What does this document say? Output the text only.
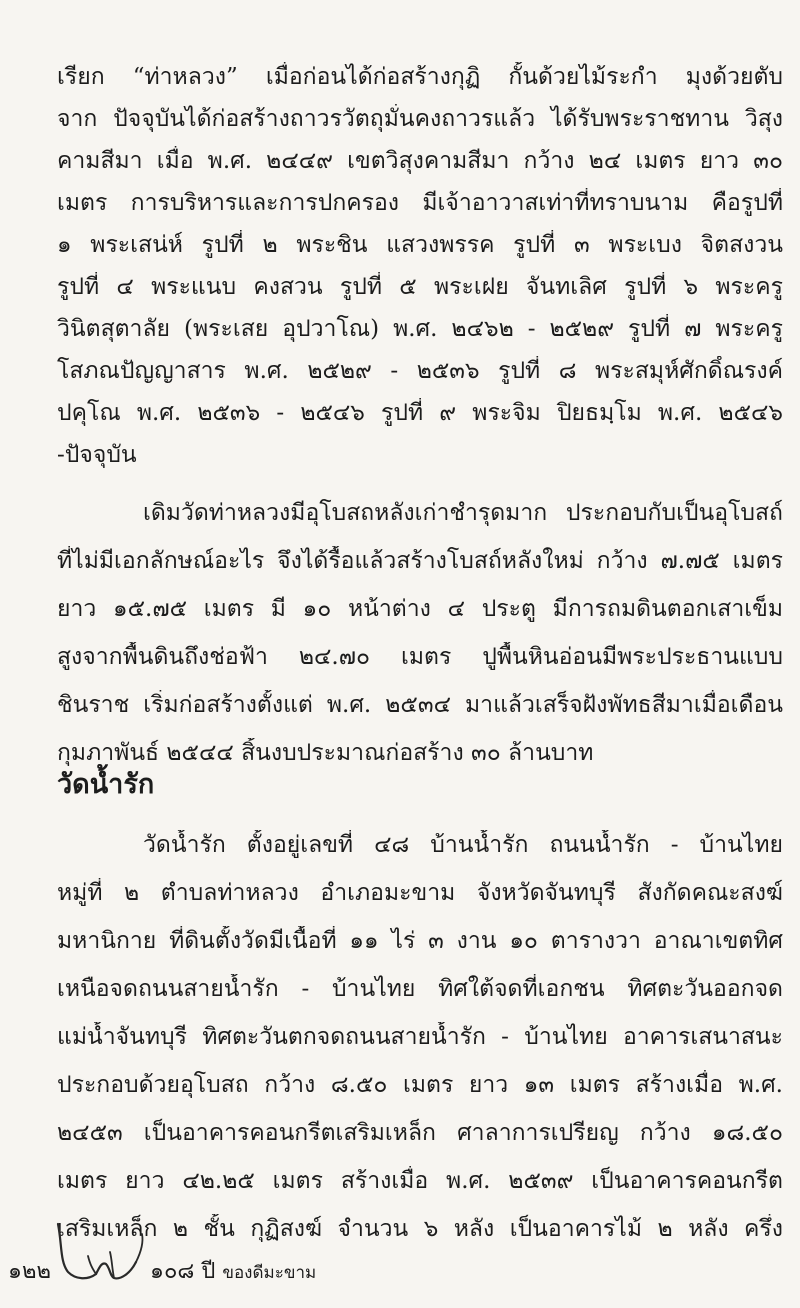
เรียก “ท่าหลวง” เมื่อก่อนได้ก่อสร้างกุฏิ กั้นด้วยไม้ระกำ มุงด้วยตับ
จาก ปัจจุบันได้ก่อสร้างถาวรวัตถุมั่นคงถาวรแล้ว ได้รับพระราชทาน วิสุง
คามสีมา เมื่อ พ.ศ. ๒๔๔๙ เขตวิสุงคามสีมา กว้าง ๒๔ เมตร ยาว ๓๐
เมตร การบริหารและการปกครอง มีเจ้าอาวาสเท่าที่ทราบนาม คือรูปที่
๑ พระเสน่ห์ รูปที่ ๒ พระชิน แสวงพรรค รูปที่ ๓ พระเบง จิตสงวน
รูปที่ ๔ พระแนบ คงสวน รูปที่ ๕ พระเฝย จันทเลิศ รูปที่ ๖ พระครู
วินิตสุตาลัย (พระเสย อุปวาโณ) พ.ศ. ๒๔๖๒ - ๒๕๒๙ รูปที่ ๗ พระครู
โสภณปัญญาสาร พ.ศ. ๒๕๒๙ - ๒๕๓๖ รูปที่ ๘ พระสมุห์ศักดิ์ณรงค์
ปคุโณ พ.ศ. ๒๕๓๖ - ๒๕๔๖ รูปที่ ๙ พระจิม ปิยธมฺโม พ.ศ. ๒๕๔๖
-ปัจจุบัน
เดิมวัดท่าหลวงมีอุโบสถหลังเก่าชำรุดมาก ประกอบกับเป็นอุโบสถ์
ที่ไม่มีเอกลักษณ์อะไร จึงได้รื้อแล้วสร้างโบสถ์หลังใหม่ กว้าง ๗.๗๕ เมตร
ยาว ๑๕.๗๕ เมตร มี ๑๐ หน้าต่าง ๔ ประตู มีการถมดินตอกเสาเข็ม
สูงจากพื้นดินถึงช่อฟ้า ๒๔.๗๐ เมตร ปูพื้นหินอ่อนมีพระประธานแบบ
ชินราช เริ่มก่อสร้างตั้งแต่ พ.ศ. ๒๕๓๔ มาแล้วเสร็จฝังพัทธสีมาเมื่อเดือน
วัดน้ำรัก
วัดน้ำรัก ตั้งอยู่เลขที่ ๔๘ บ้านน้ำรัก ถนนน้ำรัก - บ้านไทย
หมู่ที่ ๒ ตำบลท่าหลวง อำเภอมะขาม จังหวัดจันทบุรี สังกัดคณะสงฆ์
มหานิกาย ที่ดินตั้งวัดมีเนื้อที่ ๑๑ ไร่ ๓ งาน ๑๐ ตารางวา อาณาเขตทิศ
เหนือจดถนนสายน้ำรัก - บ้านไทย ทิศใต้จดที่เอกชน ทิศตะวันออกจด
แม่น้ำจันทบุรี ทิศตะวันตกจดถนนสายน้ำรัก - บ้านไทย อาคารเสนาสนะ
ประกอบด้วยอุโบสถ กว้าง ๘.๕๐ เมตร ยาว ๑๓ เมตร สร้างเมื่อ พ.ศ.
๒๔๕๓ เป็นอาคารคอนกรีตเสริมเหล็ก ศาลาการเปรียญ กว้าง ๑๘.๕๐
เมตร ยาว ๔๒.๒๕ เมตร สร้างเมื่อ พ.ศ. ๒๕๓๙ เป็นอาคารคอนกรีต
เสริมเหล็ก ๒ ชั้น กุฏิสงฆ์ จำนวน ๖ หลัง เป็นอาคารไม้ ๒ หลัง ครึ่ง
๑๒๒	๑๐๘ ปี ของดีมะขาม
กุมภาพันธ์ ๒๕๔๔ สิ้นงบประมาณก่อสร้าง ๓๐ ล้านบาท
